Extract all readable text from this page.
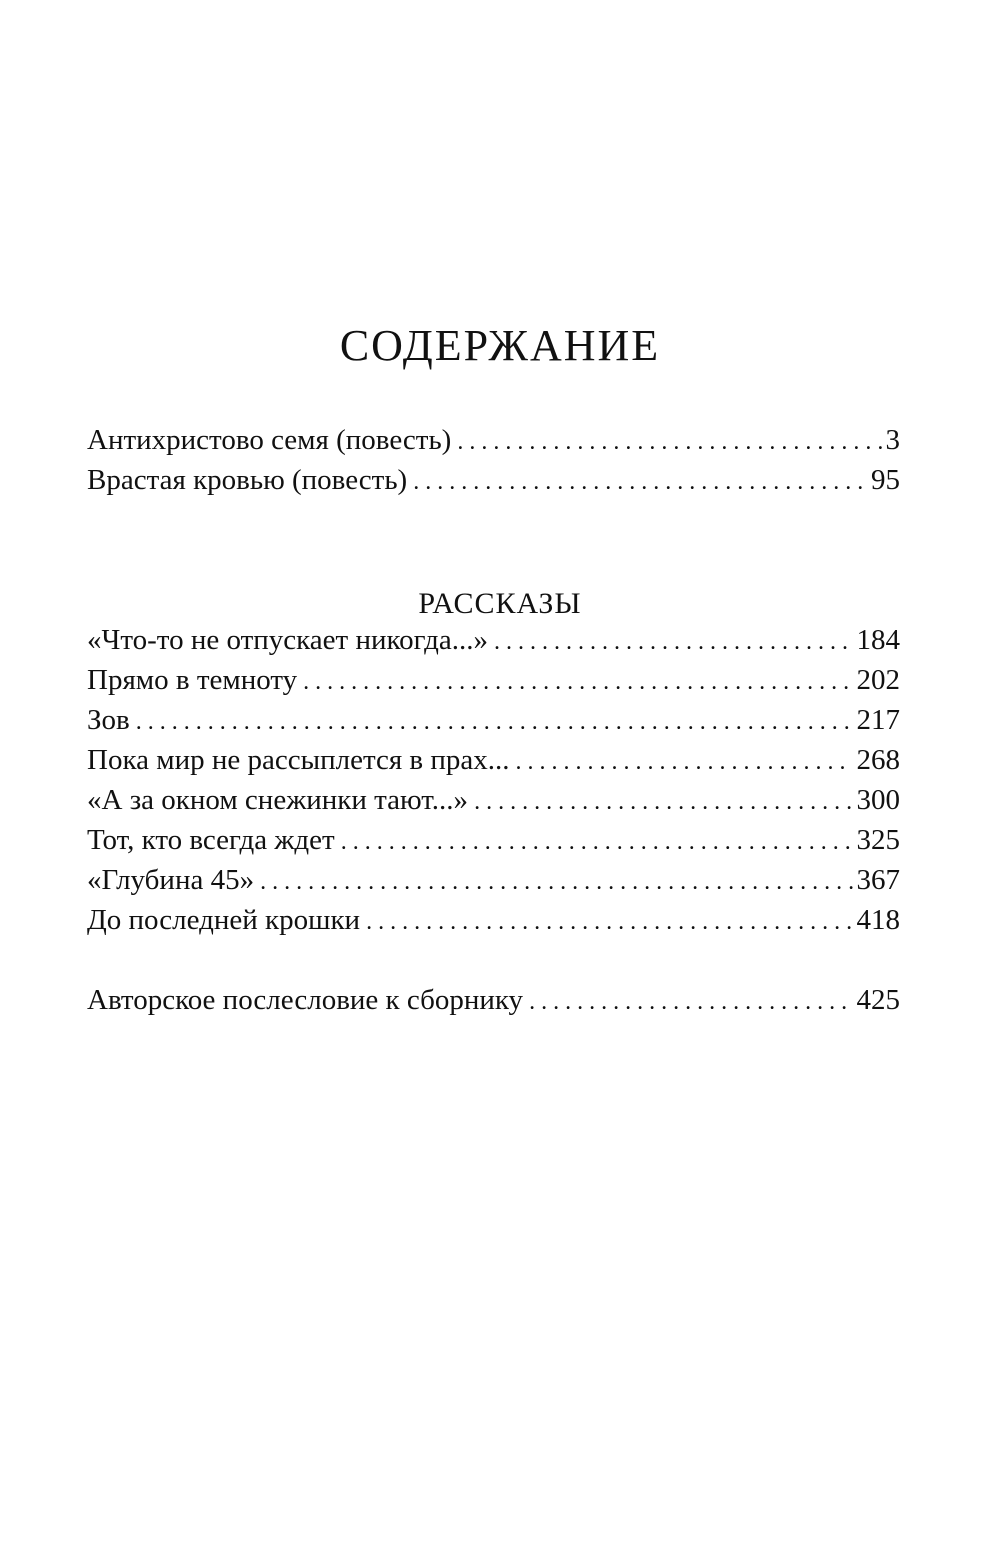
СОДЕРЖАНИЕ
Антихристово семя (повесть) . . .	3
Врастая кровью (повесть) . . .	95
РАССКАЗЫ
«Что-то не отпускает никогда...» . . .	184
Прямо в темноту . . .	202
Зов . . .	217
Пока мир не рассыплется в прах... . . .	268
«А за окном снежинки тают...» . . .	300
Тот, кто всегда ждет . . .	325
«Глубина 45» . . .	367
До последней крошки . . .	418
Авторское послесловие к сборнику . . .	425
